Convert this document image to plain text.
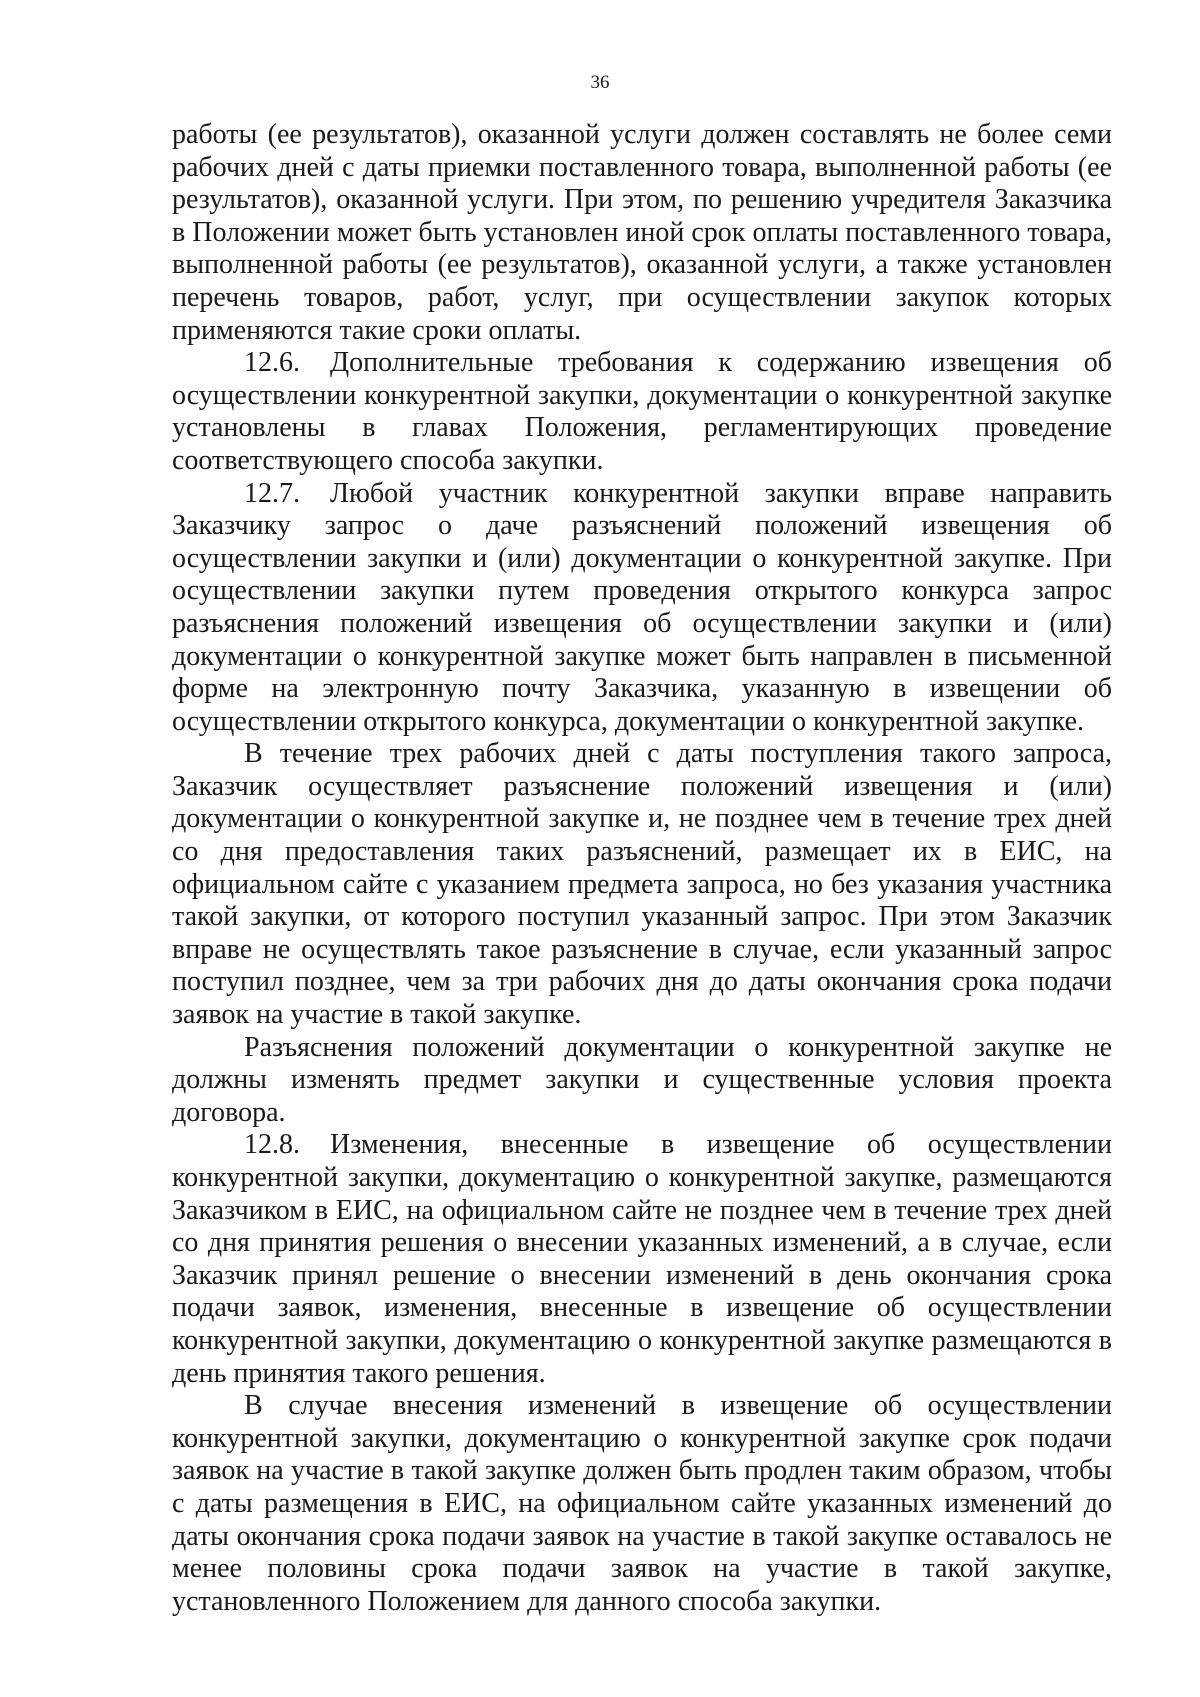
36

работы (ее результатов), оказанной услуги должен составлять не более семи рабочих дней с даты приемки поставленного товара, выполненной работы (ее результатов), оказанной услуги. При этом, по решению учредителя Заказчика в Положении может быть установлен иной срок оплаты поставленного товара, выполненной работы (ее результатов), оказанной услуги, а также установлен перечень товаров, работ, услуг, при осуществлении закупок которых применяются такие сроки оплаты.

12.6. Дополнительные требования к содержанию извещения об осуществлении конкурентной закупки, документации о конкурентной закупке установлены в главах Положения, регламентирующих проведение соответствующего способа закупки.

12.7. Любой участник конкурентной закупки вправе направить Заказчику запрос о даче разъяснений положений извещения об осуществлении закупки и (или) документации о конкурентной закупке. При осуществлении закупки путем проведения открытого конкурса запрос разъяснения положений извещения об осуществлении закупки и (или) документации о конкурентной закупке может быть направлен в письменной форме на электронную почту Заказчика, указанную в извещении об осуществлении открытого конкурса, документации о конкурентной закупке.

В течение трех рабочих дней с даты поступления такого запроса, Заказчик осуществляет разъяснение положений извещения и (или) документации о конкурентной закупке и, не позднее чем в течение трех дней со дня предоставления таких разъяснений, размещает их в ЕИС, на официальном сайте с указанием предмета запроса, но без указания участника такой закупки, от которого поступил указанный запрос. При этом Заказчик вправе не осуществлять такое разъяснение в случае, если указанный запрос поступил позднее, чем за три рабочих дня до даты окончания срока подачи заявок на участие в такой закупке.

Разъяснения положений документации о конкурентной закупке не должны изменять предмет закупки и существенные условия проекта договора.

12.8. Изменения, внесенные в извещение об осуществлении конкурентной закупки, документацию о конкурентной закупке, размещаются Заказчиком в ЕИС, на официальном сайте не позднее чем в течение трех дней со дня принятия решения о внесении указанных изменений, а в случае, если Заказчик принял решение о внесении изменений в день окончания срока подачи заявок, изменения, внесенные в извещение об осуществлении конкурентной закупки, документацию о конкурентной закупке размещаются в день принятия такого решения.

В случае внесения изменений в извещение об осуществлении конкурентной закупки, документацию о конкурентной закупке срок подачи заявок на участие в такой закупке должен быть продлен таким образом, чтобы с даты размещения в ЕИС, на официальном сайте указанных изменений до даты окончания срока подачи заявок на участие в такой закупке оставалось не менее половины срока подачи заявок на участие в такой закупке, установленного Положением для данного способа закупки.
